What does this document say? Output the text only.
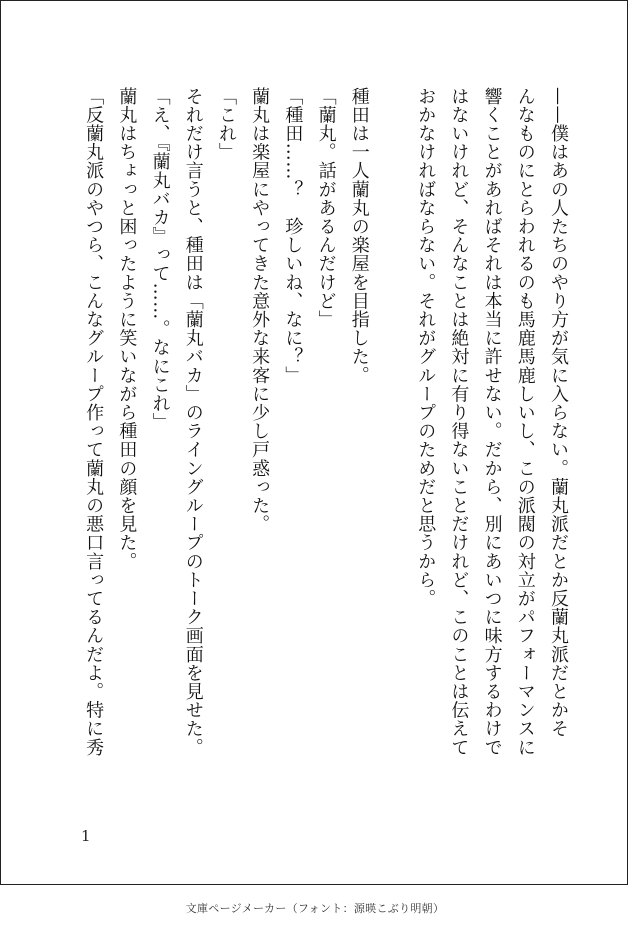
——僕はあの人たちのやり方が気に入らない。蘭丸派だとか反蘭丸派だとかそ

んなものにとらわれるのも馬鹿馬鹿しいし、この派閥の対立がパフォーマンスに

響くことがあればそれは本当に許せない。だから、別にあいつに味方するわけで

はないけれど、そんなことは絶対に有り得ないことだけれど、このことは伝えて

おかなければならない。それがグループのためだと思うから。

種田は一人蘭丸の楽屋を目指した。

「蘭丸。話があるんだけど」

「種田……？　珍しいね、なに？」

蘭丸は楽屋にやってきた意外な来客に少し戸惑った。

「これ」

それだけ言うと、種田は「蘭丸バカ」のライングループのトーク画面を見せた。

「え、『蘭丸バカ』って……。なにこれ」

蘭丸はちょっと困ったように笑いながら種田の顔を見た。

「反蘭丸派のやつら、こんなグループ作って蘭丸の悪口言ってるんだよ。特に秀

1
文庫ページメーカー（フォント：源暎こぶり明朝）
